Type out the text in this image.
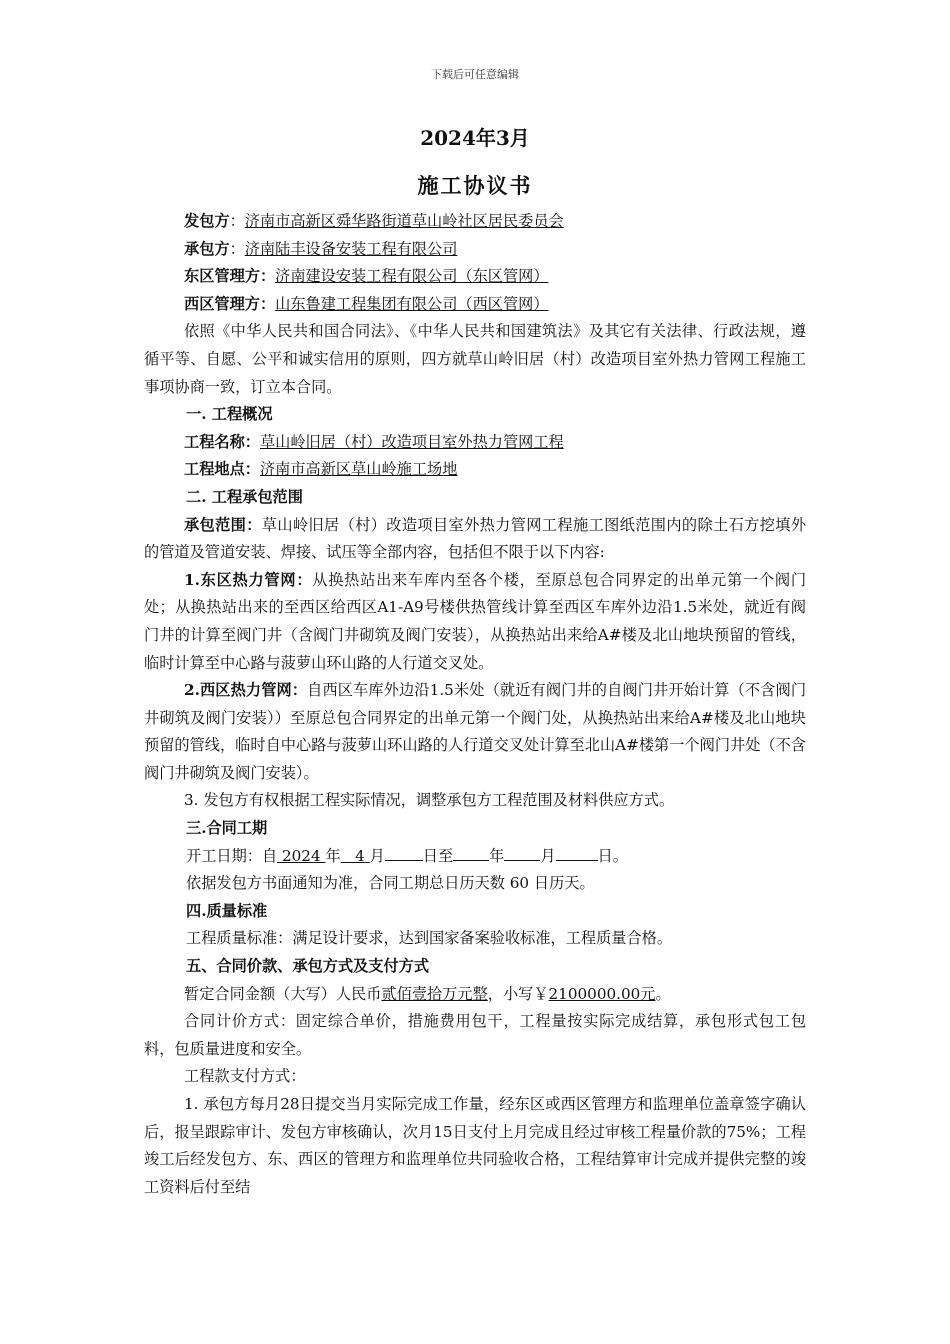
下载后可任意编辑
2024年3月
施工协议书

发包方：济南市高新区舜华路街道草山岭社区居民委员会

承包方：济南陆丰设备安装工程有限公司

东区管理方：济南建设安装工程有限公司（东区管网）

西区管理方：山东鲁建工程集团有限公司（西区管网）

依照《中华人民共和国合同法》、《中华人民共和国建筑法》及其它有关法律、行政法规，遵循平等、自愿、公平和诚实信用的原则，四方就草山岭旧居（村）改造项目室外热力管网工程施工事项协商一致，订立本合同。

一. 工程概况

工程名称：草山岭旧居（村）改造项目室外热力管网工程

工程地点：济南市高新区草山岭施工场地

二. 工程承包范围

承包范围：草山岭旧居（村）改造项目室外热力管网工程施工图纸范围内的除土石方挖填外的管道及管道安装、焊接、试压等全部内容，包括但不限于以下内容:

1.东区热力管网：从换热站出来车库内至各个楼，至原总包合同界定的出单元第一个阀门处；从换热站出来的至西区给西区A1-A9号楼供热管线计算至西区车库外边沿1.5米处，就近有阀门井的计算至阀门井（含阀门井砌筑及阀门安装），从换热站出来给A#楼及北山地块预留的管线，临时计算至中心路与菠萝山环山路的人行道交叉处。

2.西区热力管网：自西区车库外边沿1.5米处（就近有阀门井的自阀门井开始计算（不含阀门井砌筑及阀门安装））至原总包合同界定的出单元第一个阀门处，从换热站出来给A#楼及北山地块预留的管线，临时自中心路与菠萝山环山路的人行道交叉处计算至北山A#楼第一个阀门井处（不含阀门井砌筑及阀门安装）。

3. 发包方有权根据工程实际情况，调整承包方工程范围及材料供应方式。

三.合同工期

开工日期：自 2024 年 4 月	日至 年 月	日。

依据发包方书面通知为准，合同工期总日历天数 60 日历天。

四.质量标准

工程质量标准：满足设计要求，达到国家备案验收标准，工程质量合格。

五、合同价款、承包方式及支付方式

暂定合同金额（大写）人民币贰佰壹拾万元整，小写￥2100000.00元。

合同计价方式：固定综合单价，措施费用包干，工程量按实际完成结算，承包形式包工包料，包质量进度和安全。

工程款支付方式：

1. 承包方每月28日提交当月实际完成工作量，经东区或西区管理方和监理单位盖章签字确认后，报呈跟踪审计、发包方审核确认，次月15日支付上月完成且经过审核工程量价款的75%；工程竣工后经发包方、东、西区的管理方和监理单位共同验收合格，工程结算审计完成并提供完整的竣工资料后付至结
